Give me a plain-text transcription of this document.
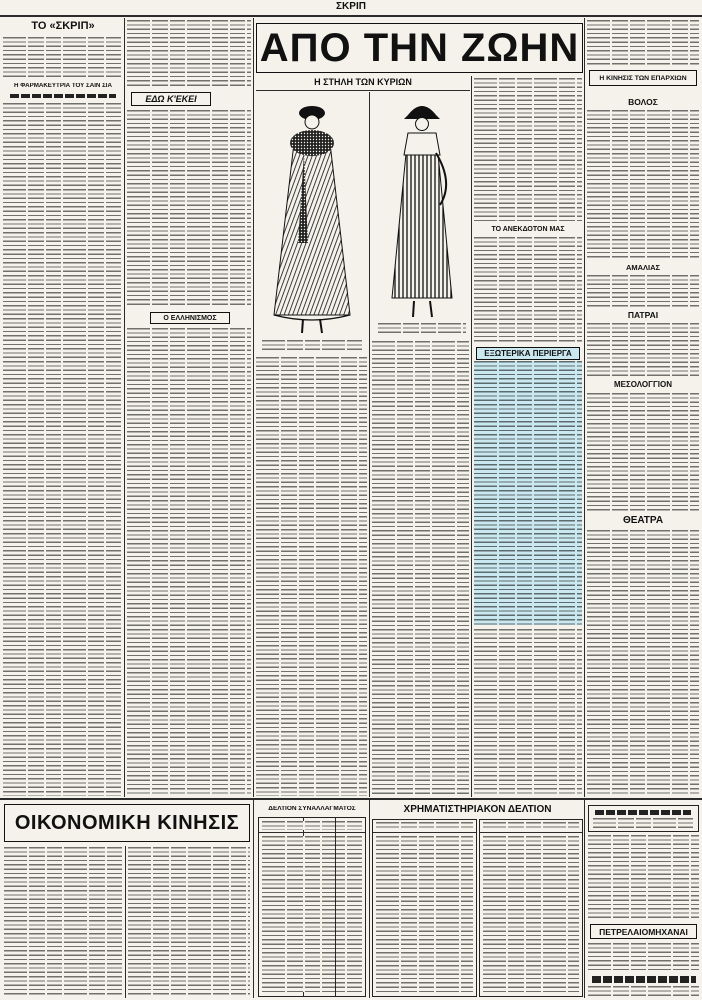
ΣΚΡΙΠ
ΤΟ «ΣΚΡΙΠ»
Η ΦΑΡΜΑΚΕΥΤΡΙΑ ΤΟΥ ΣΑΙΝ ΣΙΑ
ΕΔΩ Κ'ΕΚΕΙ
Ο ΕΛΛΗΝΙΣΜΟΣ
ΑΠΟ ΤΗΝ ΖΩΗΝ
Η ΣΤΗΛΗ ΤΩΝ ΚΥΡΙΩΝ
ΤΟ ΑΝΕΚΔΟΤΟΝ ΜΑΣ
ΕΞΩΤΕΡΙΚΑ ΠΕΡΙΕΡΓΑ
Η ΚΙΝΗΣΙΣ ΤΩΝ ΕΠΑΡΧΙΩΝ
ΒΟΛΟΣ
ΑΜΑΛΙΑΣ
ΠΑΤΡΑΙ
ΜΕΣΟΛΟΓΓΙΟΝ
ΘΕΑΤΡΑ
ΟΙΚΟΝΟΜΙΚΗ ΚΙΝΗΣΙΣ
ΔΕΛΤΙΟΝ ΣΥΝΑΛΛΑΓΜΑΤΟΣ	ΧΡΗΜΑΤΙΣΤΗΡΙΑΚΟΝ ΔΕΛΤΙΟΝ
ΠΕΤΡΕΛΑΙΟΜΗΧΑΝΑΙ
